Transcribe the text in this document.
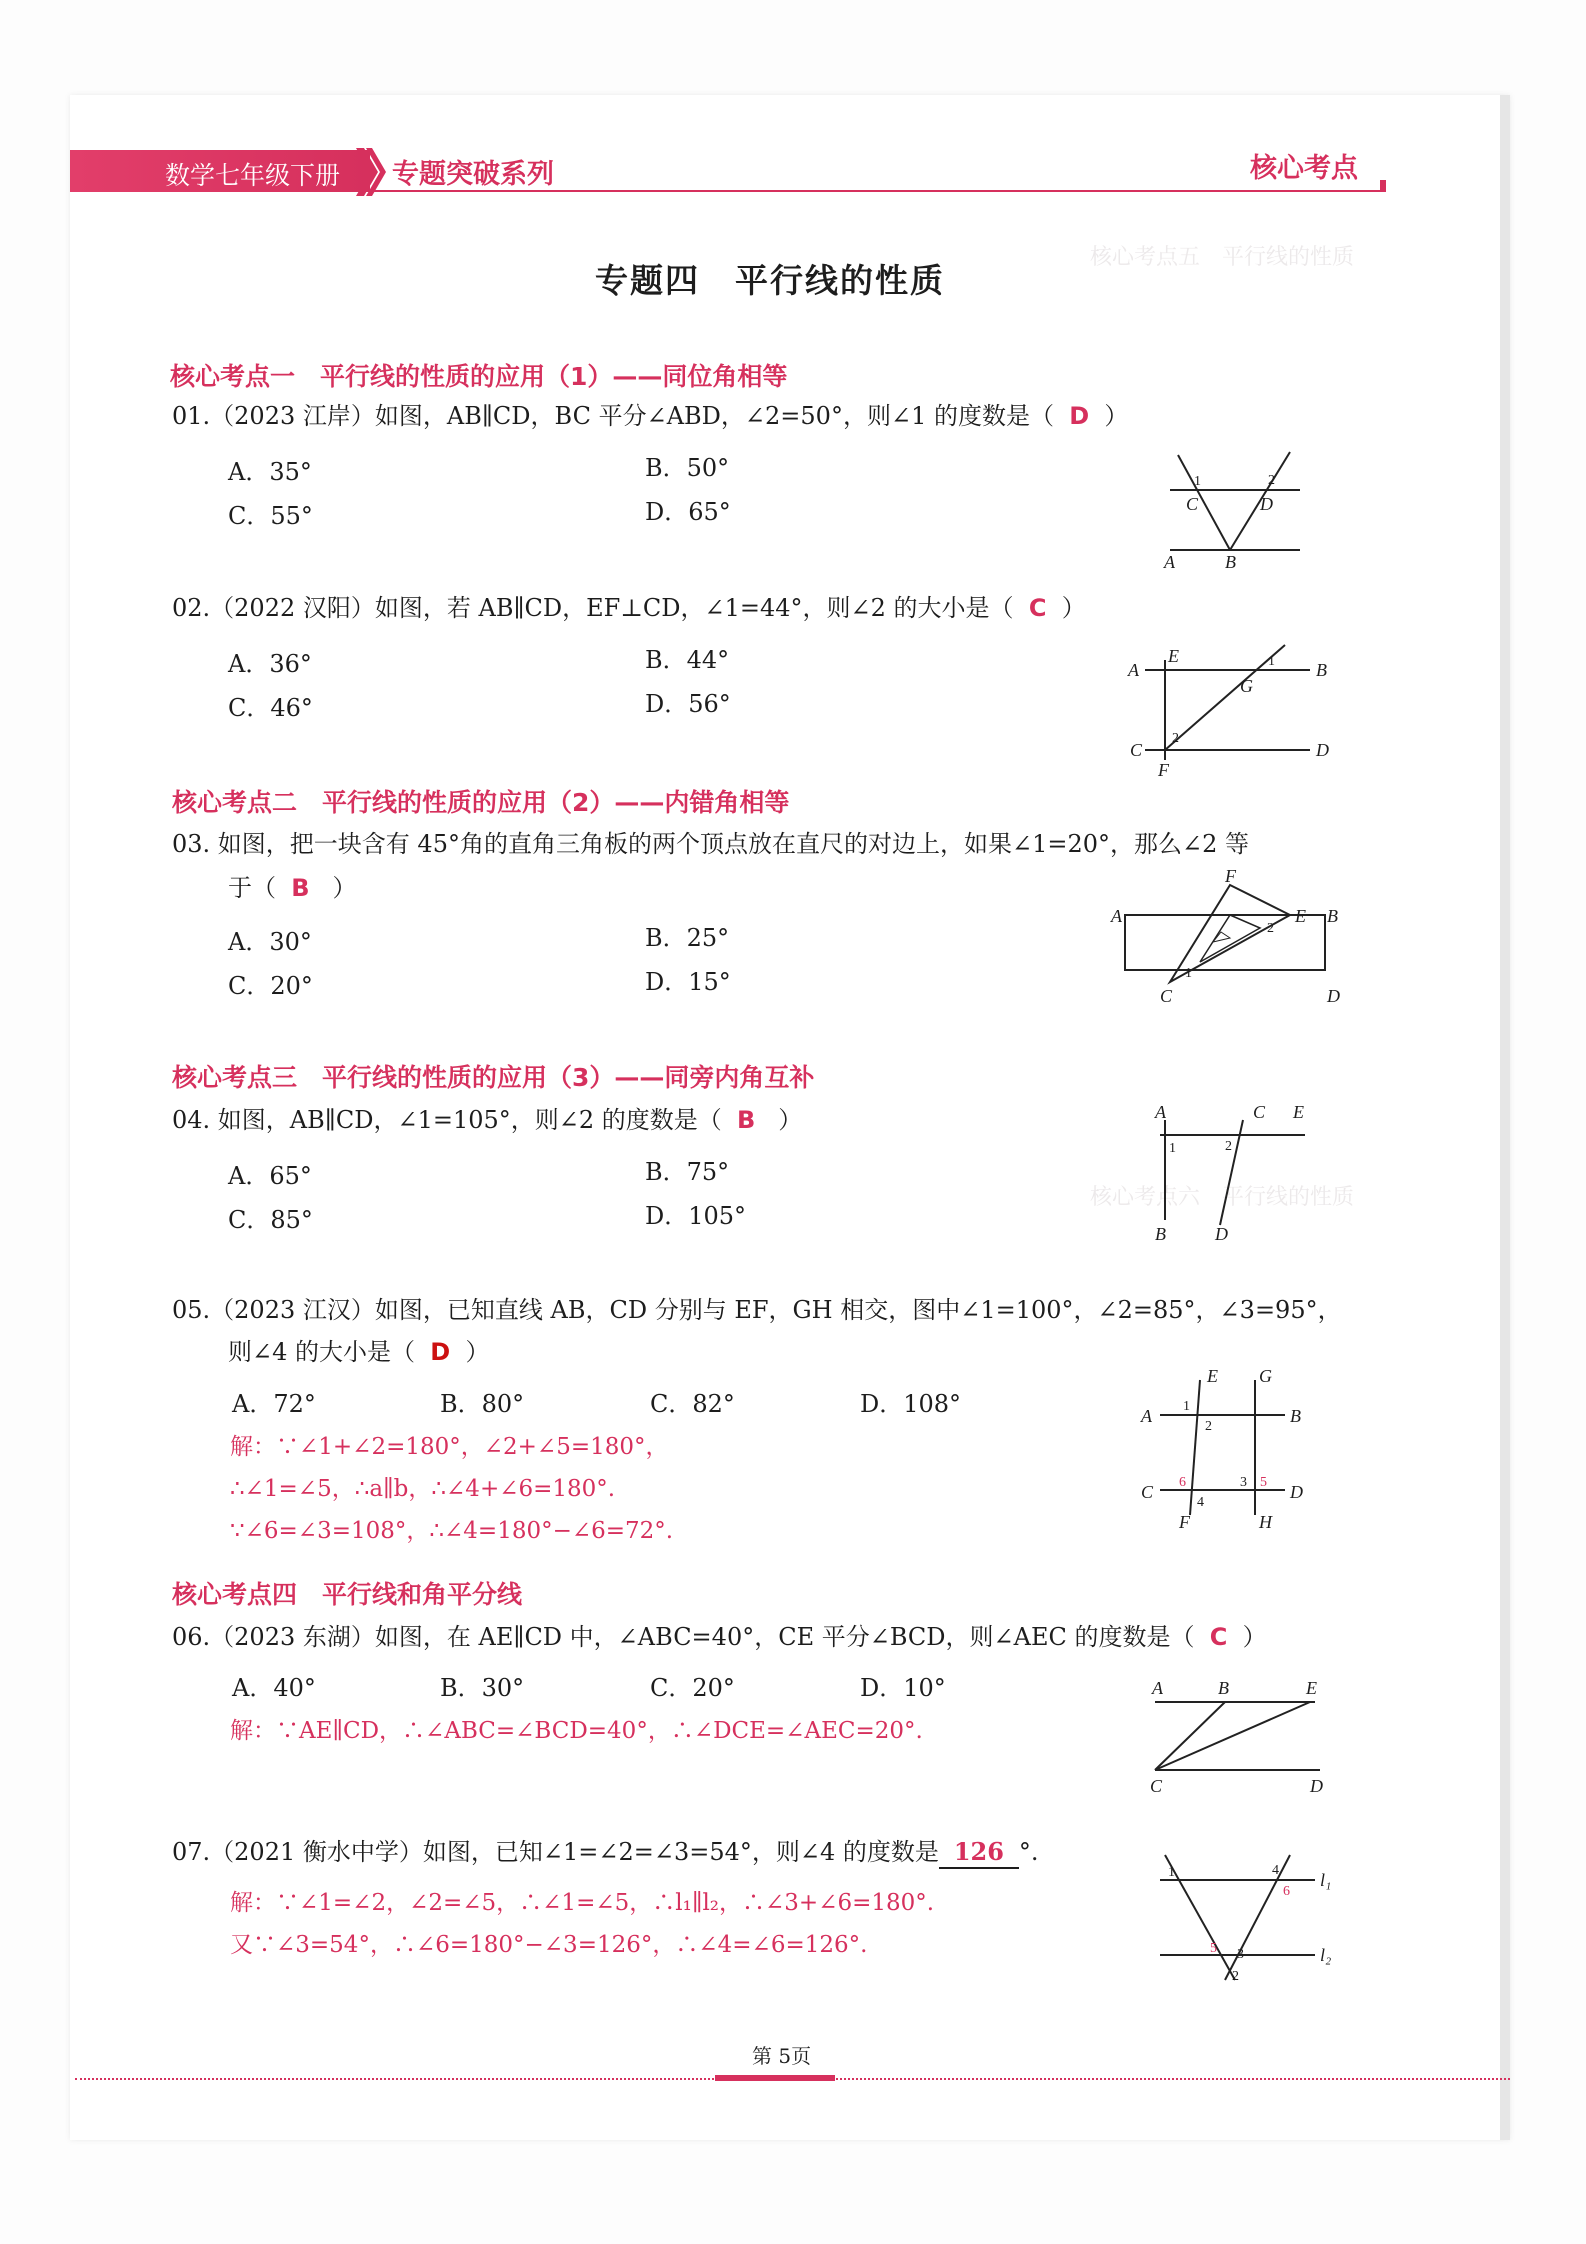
核心考点五　平行线的性质
核心考点六　平行线的性质
数学七年级下册 专题突破系列	核心考点
专题四　平行线的性质
核心考点一　平行线的性质的应用（1）——同位角相等
01.（2023 江岸）如图，AB∥CD，BC 平分∠ABD，∠2=50°，则∠1 的度数是（ D ）
A．35°	B．50°
C．55°	D．65°
A	B
C	D
1	2
02.（2022 汉阳）如图，若 AB∥CD，EF⊥CD，∠1=44°，则∠2 的大小是（ C ）
A．36°	B．44°
C．46°	D．56°
A	B
C	D
E
F
G
1
2
核心考点二　平行线的性质的应用（2）——内错角相等
03. 如图，把一块含有 45°角的直角三角板的两个顶点放在直尺的对边上，如果∠1=20°，那么∠2 等
于（ B ）
A．30°	B．25°
C．20°	D．15°
A	B
C	D
E
F
1
2
核心考点三　平行线的性质的应用（3）——同旁内角互补
04. 如图，AB∥CD，∠1=105°，则∠2 的度数是（ B ）
A．65°	B．75°
C．85°	D．105°
A
B
C
D
E
1	2
05.（2023 江汉）如图，已知直线 AB，CD 分别与 EF，GH 相交，图中∠1=100°，∠2=85°，∠3=95°，
则∠4 的大小是（ D ）
A．72°	B．80°	C．82°	D．108°
解：∵∠1+∠2=180°，∠2+∠5=180°，
∴∠1=∠5，∴a∥b，∴∠4+∠6=180°.
∵∠6=∠3=108°，∴∠4=180°−∠6=72°.
A	B
C	D
E
F
G
H
1
2
3
4
5
6
核心考点四　平行线和角平分线
06.（2023 东湖）如图，在 AE∥CD 中，∠ABC=40°，CE 平分∠BCD，则∠AEC 的度数是（ C ）
A．40°	B．30°	C．20°	D．10°
解：∵AE∥CD，∴∠ABC=∠BCD=40°，∴∠DCE=∠AEC=20°.
A	B
C	D
E
07.（2021 衡水中学）如图，已知∠1=∠2=∠3=54°，则∠4 的度数是 126 °.
解：∵∠1=∠2，∠2=∠5，∴∠1=∠5，∴l₁∥l₂，∴∠3+∠6=180°.
又∵∠3=54°，∴∠6=180°−∠3=126°，∴∠4=∠6=126°.
1
2
3
4
5
6
l₁
l₂
第 5页
